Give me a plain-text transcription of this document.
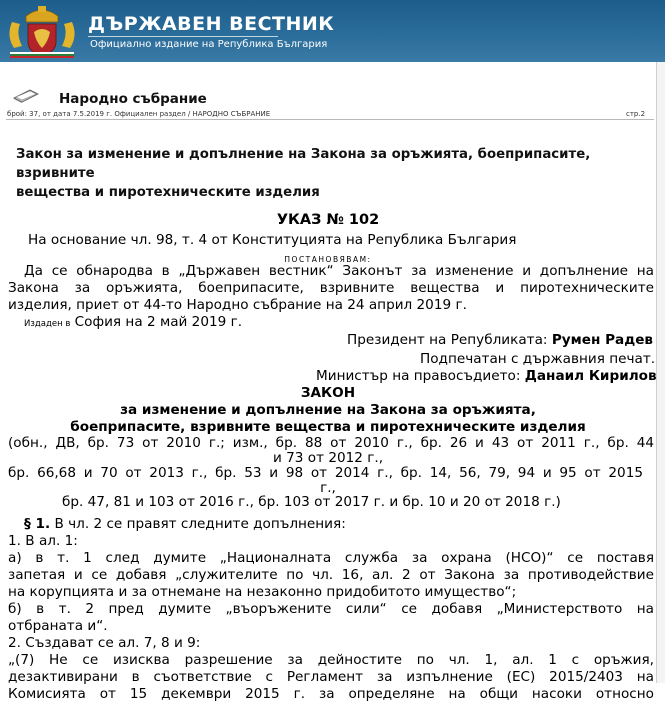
ДЪРЖАВЕН ВЕСТНИК
Официално издание на Република България
Народно събрание
брой: 37, от дата 7.5.2019 г. Официален раздел / НАРОДНО СЪБРАНИЕ	стр.2
Закон за изменение и допълнение на Закона за оръжията, боеприпасите, взривните
вещества и пиротехническите изделия
УКАЗ № 102
На основание чл. 98, т. 4 от Конституцията на Република България
ПОСТАНОВЯВАМ:
Да се обнародва в „Държавен вестник“ Законът за изменение и допълнение на
Закона за оръжията, боеприпасите, взривните вещества и пиротехническите
изделия, приет от 44-то Народно събрание на 24 април 2019 г.
Издаден в София на 2 май 2019 г.
Президент на Републиката: Румен Радев
Подпечатан с държавния печат.
Министър на правосъдието: Данаил Кирилов
ЗАКОН
за изменение и допълнение на Закона за оръжията,
боеприпасите, взривните вещества и пиротехническите изделия
(обн., ДВ, бр. 73 от 2010 г.; изм., бр. 88 от 2010 г., бр. 26 и 43 от 2011 г., бр. 44
и 73 от 2012 г.,
бр. 66,68 и 70 от 2013 г., бр. 53 и 98 от 2014 г., бр. 14, 56, 79, 94 и 95 от 2015
г.,
бр. 47, 81 и 103 от 2016 г., бр. 103 от 2017 г. и бр. 10 и 20 от 2018 г.)
§ 1. В чл. 2 се правят следните допълнения:
1. В ал. 1:
а) в т. 1 след думите „Националната служба за охрана (НСО)“ се поставя
запетая и се добавя „служителите по чл. 16, ал. 2 от Закона за противодействие
на корупцията и за отнемане на незаконно придобитото имущество“;
б) в т. 2 пред думите „въоръжените сили“ се добавя „Министерството на
отбраната и“.
2. Създават се ал. 7, 8 и 9:
„(7) Не се изисква разрешение за дейностите по чл. 1, ал. 1 с оръжия,
дезактивирани в съответствие с Регламент за изпълнение (ЕС) 2015/2403 на
Комисията от 15 декември 2015 г. за определяне на общи насоки относно
